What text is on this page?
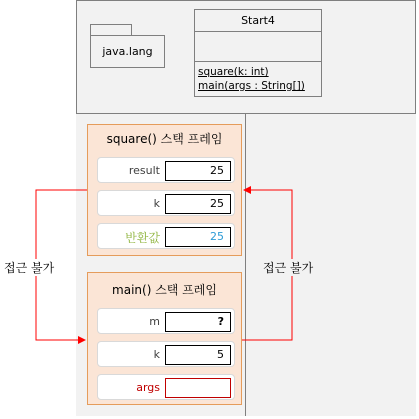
java.lang
Start4
square(k: int)
main(args : String[])
square() 스택 프레임
result	25
k	25
반환값	25
main() 스택 프레임
m	?
k	5
args
접근 불가	접근 불가
